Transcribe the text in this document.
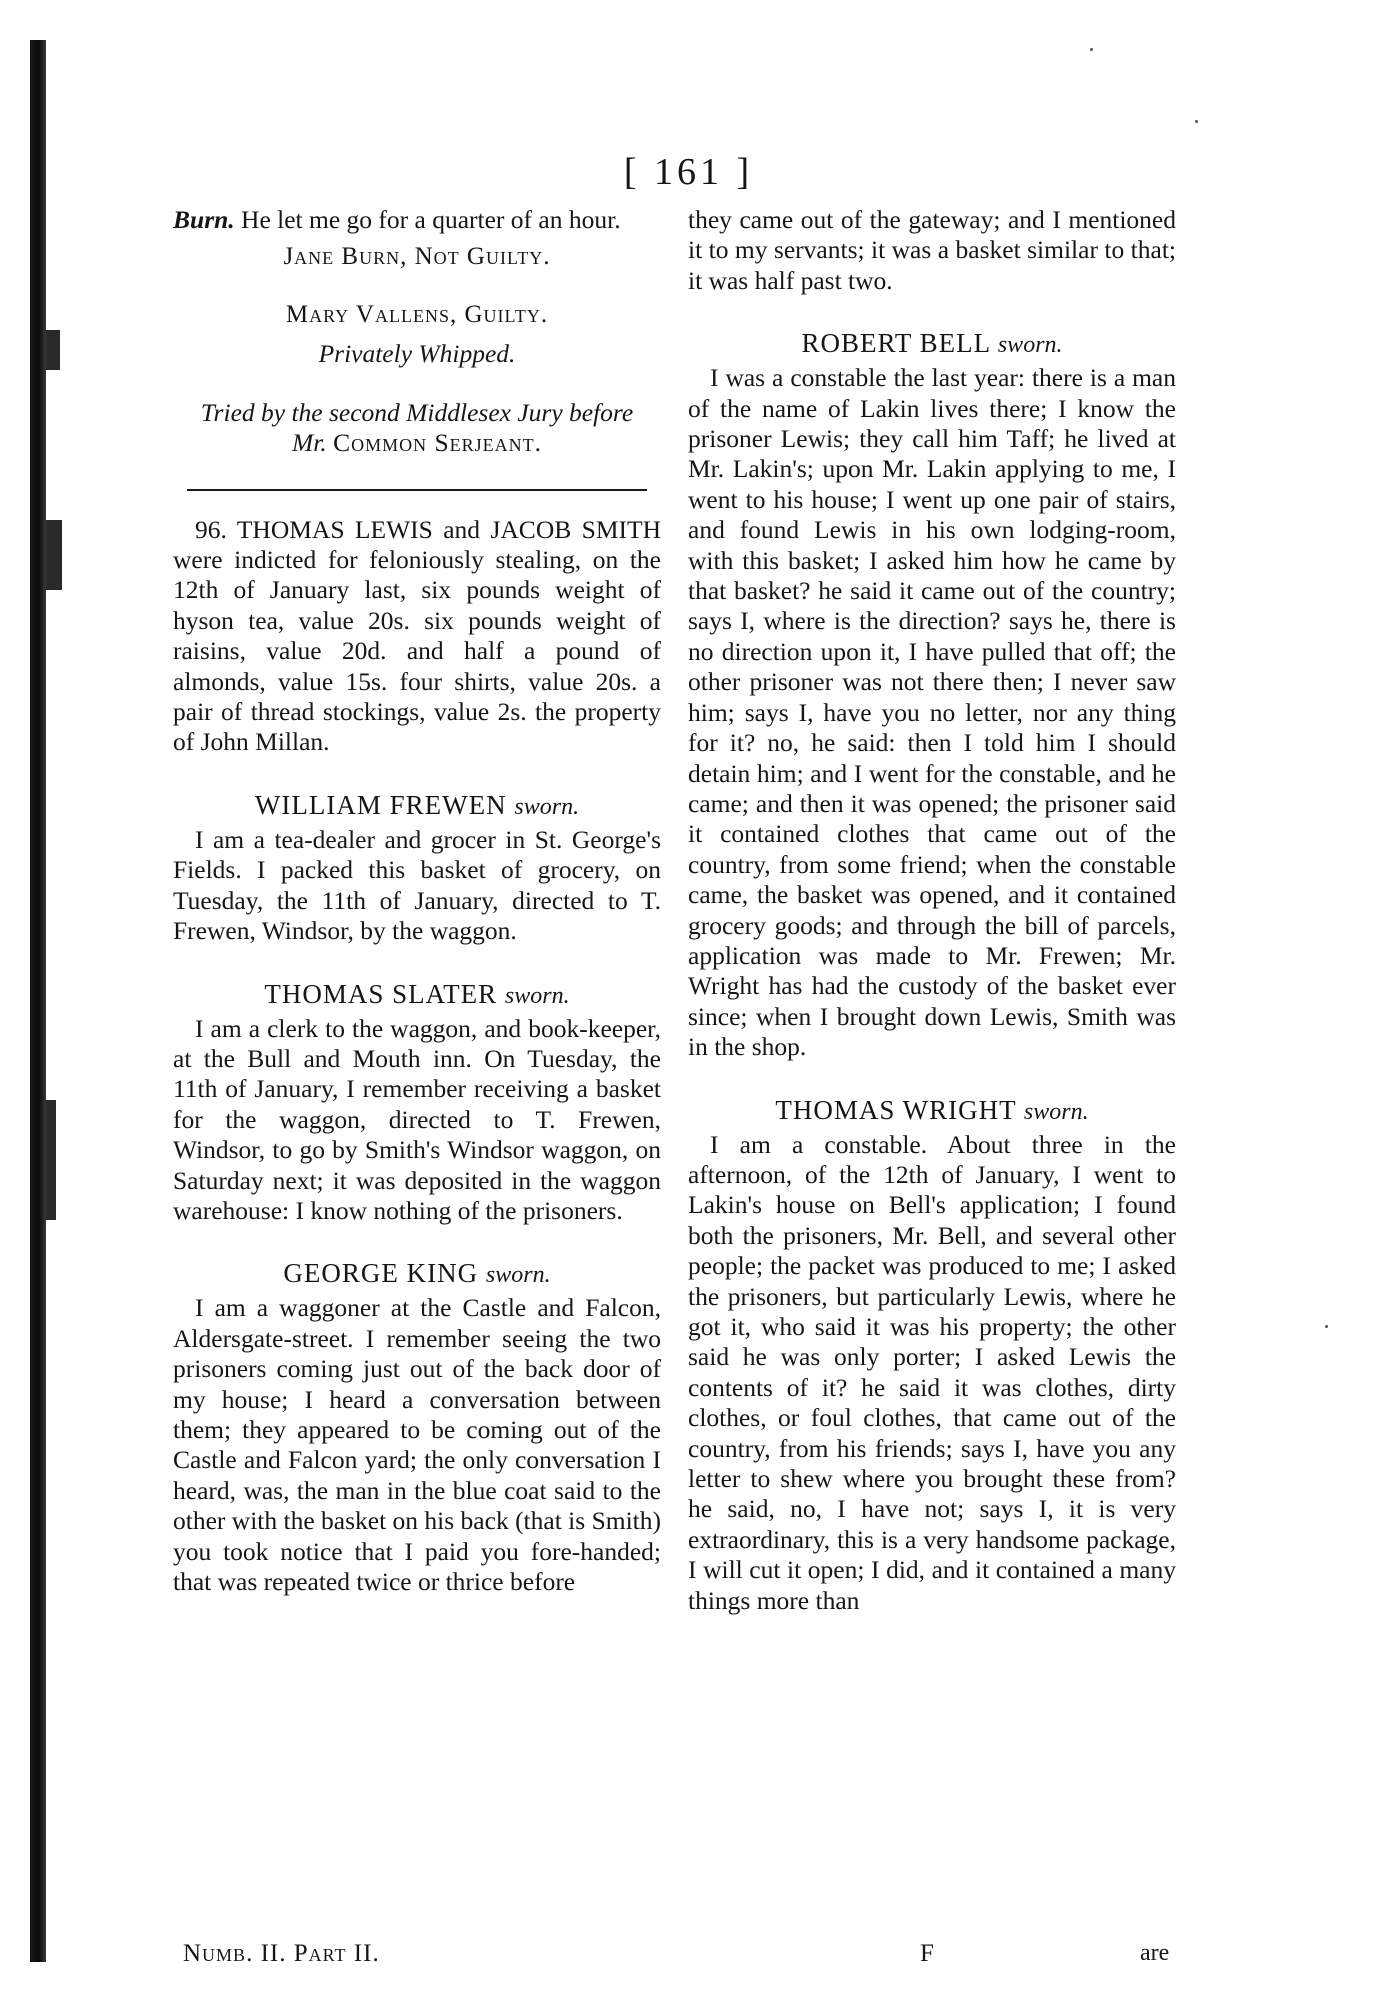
[ 161 ]

Burn. He let me go for a quarter of an hour.

Jane Burn, Not Guilty.

Mary Vallens, Guilty.

Privately Whipped.

Tried by the second Middlesex Jury before

Mr. Common Serjeant.

96. THOMAS LEWIS and JACOB SMITH were indicted for feloniously stealing, on the 12th of January last, six pounds weight of hyson tea, value 20s. six pounds weight of raisins, value 20d. and half a pound of almonds, value 15s. four shirts, value 20s. a pair of thread stockings, value 2s. the property of John Millan.

WILLIAM FREWEN sworn.

I am a tea-dealer and grocer in St. George's Fields. I packed this basket of grocery, on Tuesday, the 11th of January, directed to T. Frewen, Windsor, by the waggon.

THOMAS SLATER sworn.

I am a clerk to the waggon, and book-keeper, at the Bull and Mouth inn. On Tuesday, the 11th of January, I remember receiving a basket for the waggon, directed to T. Frewen, Windsor, to go by Smith's Windsor waggon, on Saturday next; it was deposited in the waggon warehouse: I know nothing of the prisoners.

GEORGE KING sworn.

I am a waggoner at the Castle and Falcon, Aldersgate-street. I remember seeing the two prisoners coming just out of the back door of my house; I heard a conversation between them; they appeared to be coming out of the Castle and Falcon yard; the only conversation I heard, was, the man in the blue coat said to the other with the basket on his back (that is Smith) you took notice that I paid you fore-handed; that was repeated twice or thrice before

they came out of the gateway; and I mentioned it to my servants; it was a basket similar to that; it was half past two.

ROBERT BELL sworn.

I was a constable the last year: there is a man of the name of Lakin lives there; I know the prisoner Lewis; they call him Taff; he lived at Mr. Lakin's; upon Mr. Lakin applying to me, I went to his house; I went up one pair of stairs, and found Lewis in his own lodging-room, with this basket; I asked him how he came by that basket? he said it came out of the country; says I, where is the direction? says he, there is no direction upon it, I have pulled that off; the other prisoner was not there then; I never saw him; says I, have you no letter, nor any thing for it? no, he said: then I told him I should detain him; and I went for the constable, and he came; and then it was opened; the prisoner said it contained clothes that came out of the country, from some friend; when the constable came, the basket was opened, and it contained grocery goods; and through the bill of parcels, application was made to Mr. Frewen; Mr. Wright has had the custody of the basket ever since; when I brought down Lewis, Smith was in the shop.

THOMAS WRIGHT sworn.

I am a constable. About three in the afternoon, of the 12th of January, I went to Lakin's house on Bell's application; I found both the prisoners, Mr. Bell, and several other people; the packet was produced to me; I asked the prisoners, but particularly Lewis, where he got it, who said it was his property; the other said he was only porter; I asked Lewis the contents of it? he said it was clothes, dirty clothes, or foul clothes, that came out of the country, from his friends; says I, have you any letter to shew where you brought these from? he said, no, I have not; says I, it is very extraordinary, this is a very handsome package, I will cut it open; I did, and it contained a many things more than

Numb. II. Part II.	F	are
